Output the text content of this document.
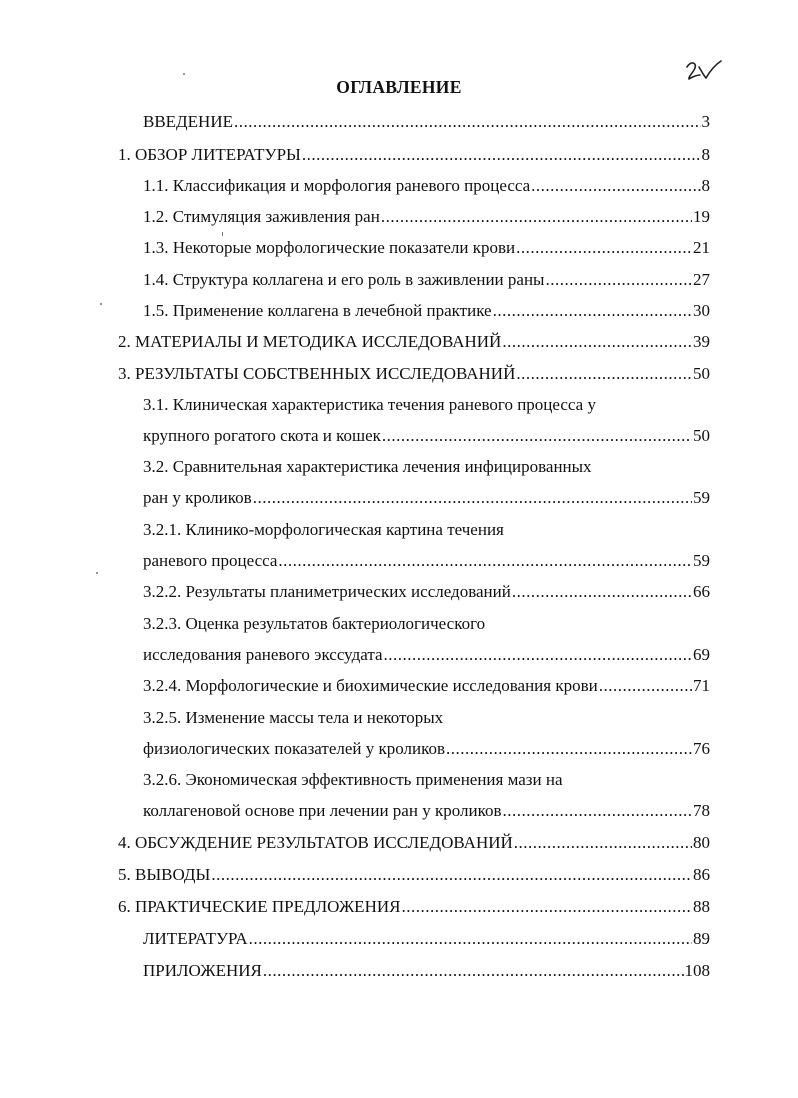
ОГЛАВЛЕНИЕ
ВВЕДЕНИЕ .....	3
1. ОБЗОР ЛИТЕРАТУРЫ .....	8
1.1. Классификация и морфология раневого процесса .....	8
1.2. Стимуляция заживления ран .....	19
1.3. Некоторые морфологические показатели крови .....	21
1.4. Структура коллагена и его роль в заживлении раны .....	27
1.5. Применение коллагена в лечебной практике .....	30
2. МАТЕРИАЛЫ И МЕТОДИКА ИССЛЕДОВАНИЙ .....	39
3. РЕЗУЛЬТАТЫ СОБСТВЕННЫХ ИССЛЕДОВАНИЙ .....	50
3.1. Клиническая характеристика течения раневого процесса у
крупного рогатого скота и кошек .....	50
3.2. Сравнительная характеристика лечения инфицированных
ран у кроликов .....	59
3.2.1. Клинико-морфологическая картина течения
раневого процесса .....	59
3.2.2. Результаты планиметрических исследований .....	66
3.2.3. Оценка результатов бактериологического
исследования раневого экссудата .....	69
3.2.4. Морфологические и биохимические исследования крови .....	71
3.2.5. Изменение массы тела и некоторых
физиологических показателей у кроликов .....	76
3.2.6. Экономическая эффективность применения мази на
коллагеновой основе при лечении ран у кроликов .....	78
4. ОБСУЖДЕНИЕ РЕЗУЛЬТАТОВ ИССЛЕДОВАНИЙ .....	80
5. ВЫВОДЫ .....	86
6. ПРАКТИЧЕСКИЕ ПРЕДЛОЖЕНИЯ .....	88
ЛИТЕРАТУРА .....	89
ПРИЛОЖЕНИЯ .....	108
